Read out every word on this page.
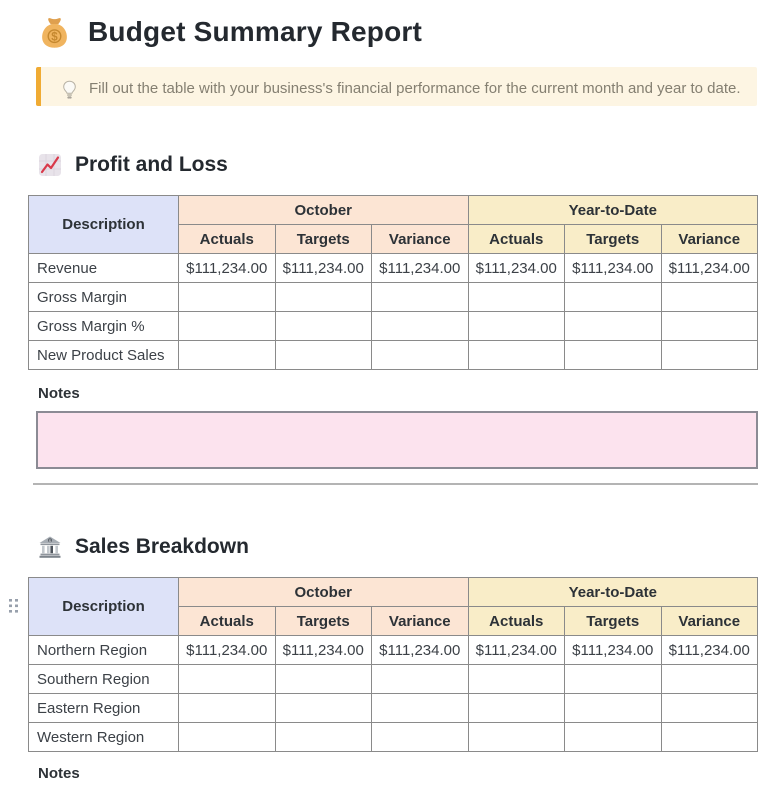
$ Budget Summary Report

Fill out the table with your business's financial performance for the current month and year to date.

Profit and Loss
Description	October			Year-to-Date		
	Actuals	Targets	Variance	Actuals	Targets	Variance
Revenue	$111,234.00	$111,234.00	$111,234.00	$111,234.00	$111,234.00	$111,234.00
Gross Margin						
Gross Margin %						
New Product Sales						
Notes
$ Sales Breakdown
Description	October			Year-to-Date		
	Actuals	Targets	Variance	Actuals	Targets	Variance
Northern Region	$111,234.00	$111,234.00	$111,234.00	$111,234.00	$111,234.00	$111,234.00
Southern Region						
Eastern Region						
Western Region						
Notes
